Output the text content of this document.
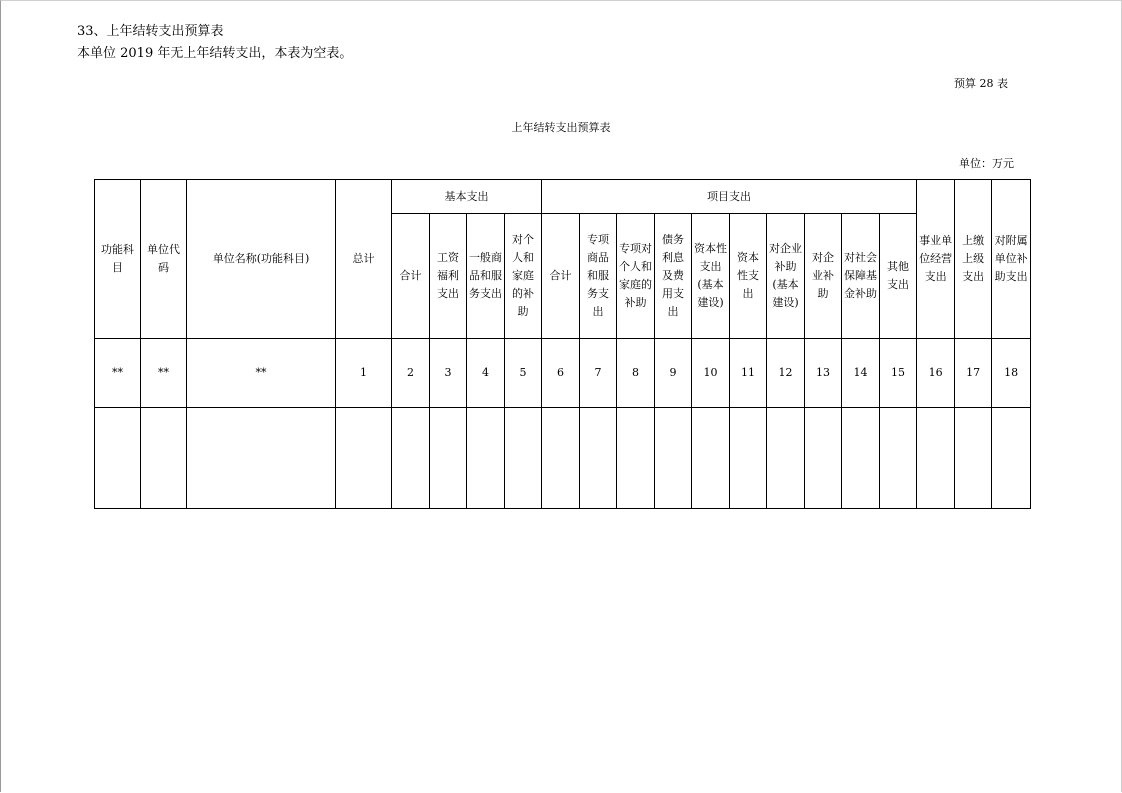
33、上年结转支出预算表
本单位 2019 年无上年结转支出，本表为空表。
预算 28 表
上年结转支出预算表
单位：万元
功能科目	单位代码	单位名称(功能科目)	总计	基本支出				项目支出										事业单位经营支出	上缴上级支出	对附属单位补助支出
				合计	工资福利支出	一般商品和服务支出	对个人和家庭的补助	合计	专项商品和服务支出	专项对个人和家庭的补助	债务利息及费用支出	资本性支出(基本建设)	资本性支出	对企业补助(基本建设)	对企业补助	对社会保障基金补助	其他支出			
**	**	**	1	2	3	4	5	6	7	8	9	10	11	12	13	14	15	16	17	18
